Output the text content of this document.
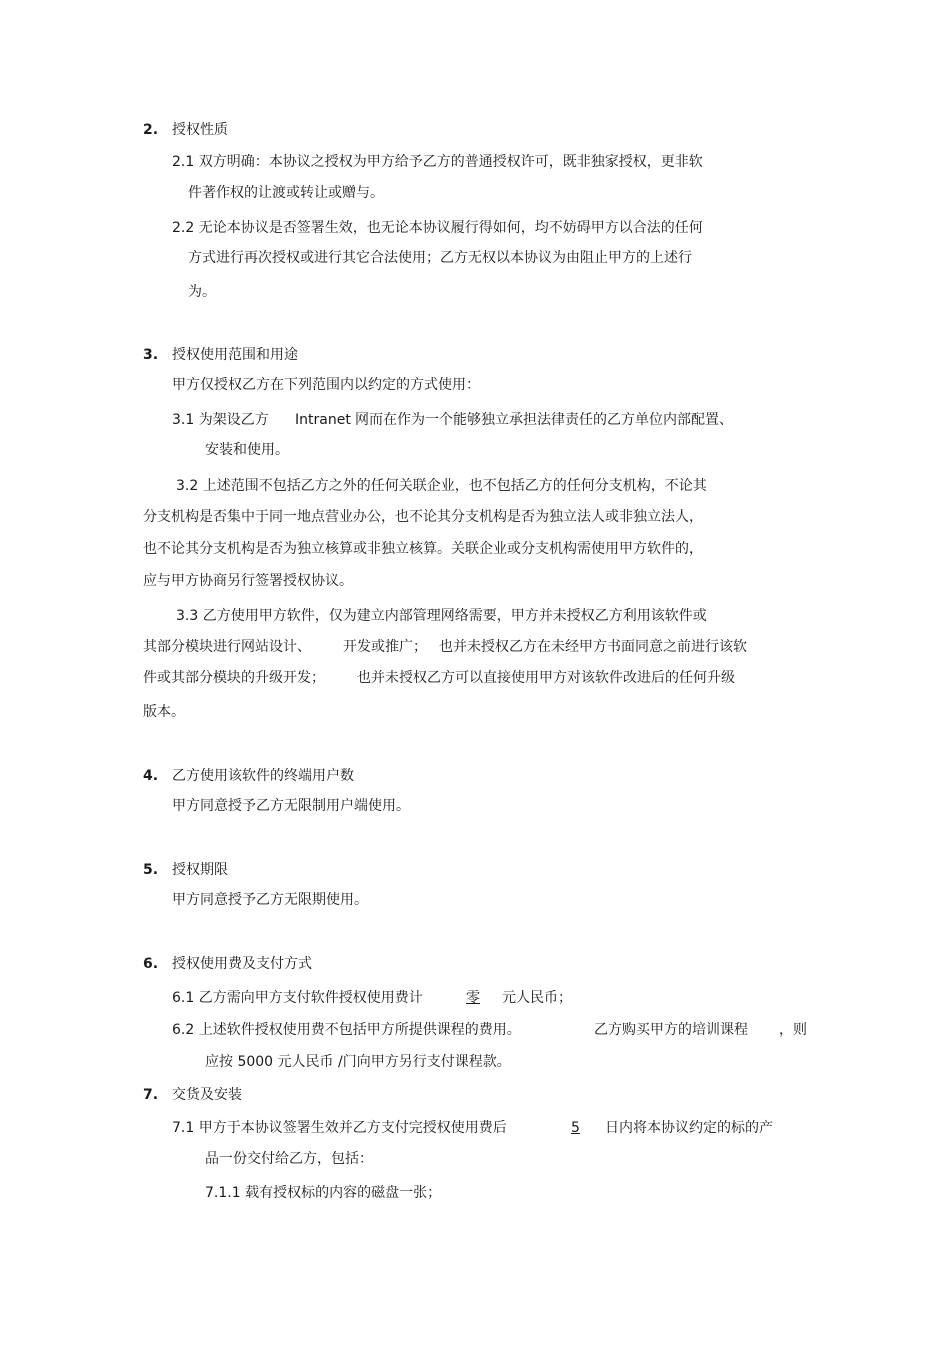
2. 授权性质
2.1 双方明确：本协议之授权为甲方给予乙方的普通授权许可，既非独家授权，更非软
件著作权的让渡或转让或赠与。
2.2 无论本协议是否签署生效，也无论本协议履行得如何，均不妨碍甲方以合法的任何
方式进行再次授权或进行其它合法使用；乙方无权以本协议为由阻止甲方的上述行
为。
3. 授权使用范围和用途
甲方仅授权乙方在下列范围内以约定的方式使用：
3.1 为架设乙方 Intranet 网而在作为一个能够独立承担法律责任的乙方单位内部配置、
安装和使用。
3.2 上述范围不包括乙方之外的任何关联企业，也不包括乙方的任何分支机构，不论其
分支机构是否集中于同一地点营业办公，也不论其分支机构是否为独立法人或非独立法人，
也不论其分支机构是否为独立核算或非独立核算。关联企业或分支机构需使用甲方软件的，
应与甲方协商另行签署授权协议。
3.3 乙方使用甲方软件，仅为建立内部管理网络需要，甲方并未授权乙方利用该软件或
其部分模块进行网站设计、 开发或推广； 也并未授权乙方在未经甲方书面同意之前进行该软
件或其部分模块的升级开发； 也并未授权乙方可以直接使用甲方对该软件改进后的任何升级
版本。
4. 乙方使用该软件的终端用户数
甲方同意授予乙方无限制用户端使用。
5. 授权期限
甲方同意授予乙方无限期使用。
6. 授权使用费及支付方式
6.1 乙方需向甲方支付软件授权使用费计	零 元人民币；
6.2 上述软件授权使用费不包括甲方所提供课程的费用。	乙方购买甲方的培训课程 ，则
应按 5000 元人民币 /门向甲方另行支付课程款。
7. 交货及安装
7.1 甲方于本协议签署生效并乙方支付完授权使用费后	5 日内将本协议约定的标的产
品一份交付给乙方，包括：
7.1.1 载有授权标的内容的磁盘一张；
